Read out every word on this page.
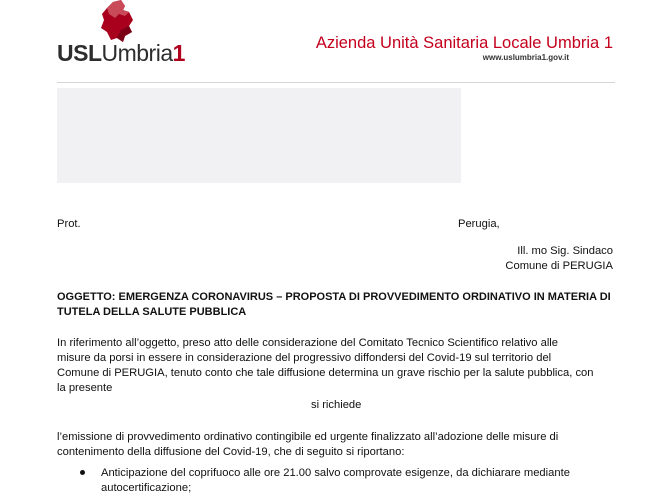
USLUmbria1	Azienda Unità Sanitaria Locale Umbria 1
www.uslumbria1.gov.it
Prot.	Perugia,
Ill. mo Sig. Sindaco
Comune di PERUGIA
OGGETTO: EMERGENZA CORONAVIRUS – PROPOSTA DI PROVVEDIMENTO ORDINATIVO IN MATERIA DI
TUTELA DELLA SALUTE PUBBLICA
In riferimento all’oggetto, preso atto delle considerazione del Comitato Tecnico Scientifico relativo alle
misure da porsi in essere in considerazione del progressivo diffondersi del Covid-19 sul territorio del
Comune di PERUGIA, tenuto conto che tale diffusione determina un grave rischio per la salute pubblica, con
la presente
si richiede
l’emissione di provvedimento ordinativo contingibile ed urgente finalizzato all’adozione delle misure di
contenimento della diffusione del Covid-19, che di seguito si riportano:
Anticipazione del coprifuoco alle ore 21.00 salvo comprovate esigenze, da dichiarare mediante
autocertificazione;
